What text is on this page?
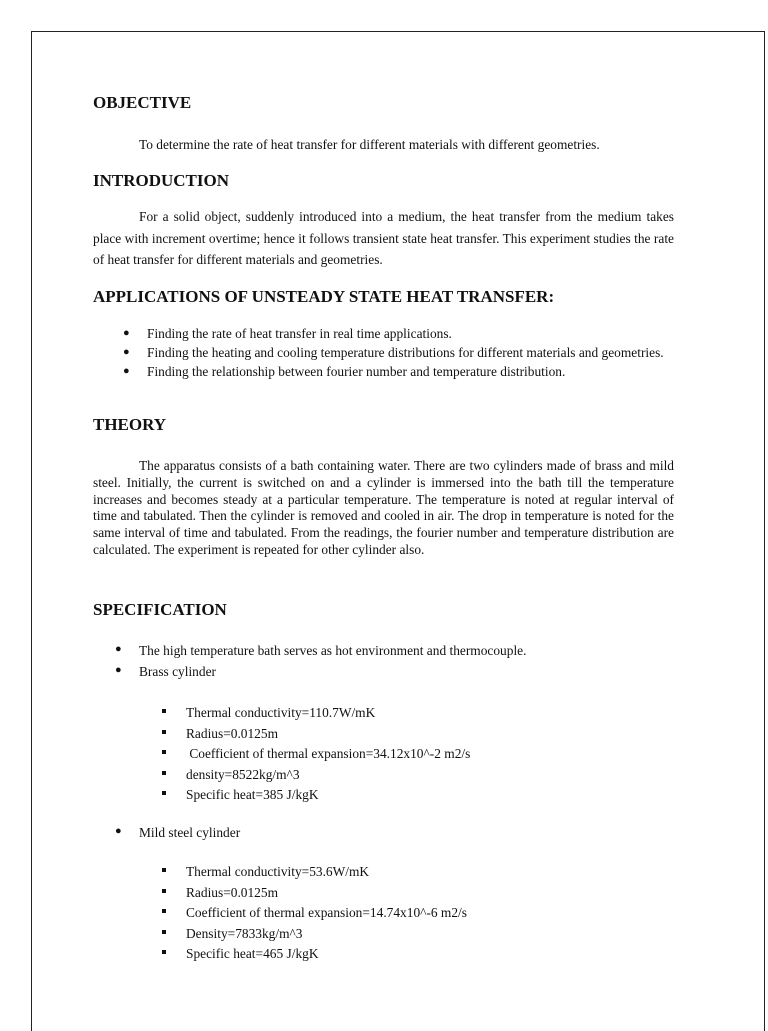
OBJECTIVE
To determine the rate of heat transfer for different materials with different geometries.
INTRODUCTION
For a solid object, suddenly introduced into a medium, the heat transfer from the medium takes place with increment overtime; hence it follows transient state heat transfer. This experiment studies the rate of heat transfer for different materials and geometries.
APPLICATIONS OF UNSTEADY STATE HEAT TRANSFER:
● Finding the rate of heat transfer in real time applications.
● Finding the heating and cooling temperature distributions for different materials and geometries.
● Finding the relationship between fourier number and temperature distribution.
THEORY
The apparatus consists of a bath containing water. There are two cylinders made of brass and mild steel. Initially, the current is switched on and a cylinder is immersed into the bath till the temperature increases and becomes steady at a particular temperature. The temperature is noted at regular interval of time and tabulated. Then the cylinder is removed and cooled in air. The drop in temperature is noted for the same interval of time and tabulated. From the readings, the fourier number and temperature distribution are calculated. The experiment is repeated for other cylinder also.
SPECIFICATION
● The high temperature bath serves as hot environment and thermocouple.
● Brass cylinder
Thermal conductivity=110.7W/mK
Radius=0.0125m
Coefficient of thermal expansion=34.12x10^-2 m2/s
density=8522kg/m^3
Specific heat=385 J/kgK
● Mild steel cylinder
Thermal conductivity=53.6W/mK
Radius=0.0125m
Coefficient of thermal expansion=14.74x10^-6 m2/s
Density=7833kg/m^3
Specific heat=465 J/kgK
